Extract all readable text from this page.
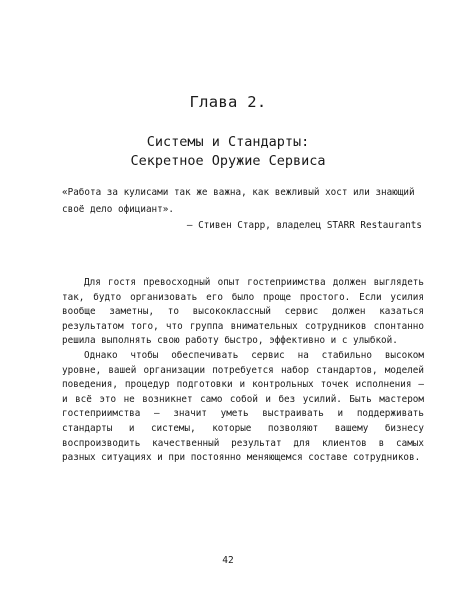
Глава 2.
Системы и Стандарты:
Секретное Оружие Сервиса
«Работа за кулисами так же важна, как вежливый хост или знающий своё дело официант».
— Стивен Старр, владелец STARR Restaurants

Для гостя превосходный опыт гостеприимства должен выглядеть так, будто организовать его было проще простого. Если усилия вообще заметны, то высококлассный сервис должен казаться результатом того, что группа внимательных сотрудников спонтанно решила выполнять свою работу быстро, эффективно и с улыбкой.

Однако чтобы обеспечивать сервис на стабильно высоком уровне, вашей организации потребуется набор стандартов, моделей поведения, процедур подготовки и контрольных точек исполнения — и всё это не возникнет само собой и без усилий. Быть мастером гостеприимства — значит уметь выстраивать и поддерживать стандарты и системы, которые позволяют вашему бизнесу воспроизводить качественный результат для клиентов в самых разных ситуациях и при постоянно меняющемся составе сотрудников.

42
